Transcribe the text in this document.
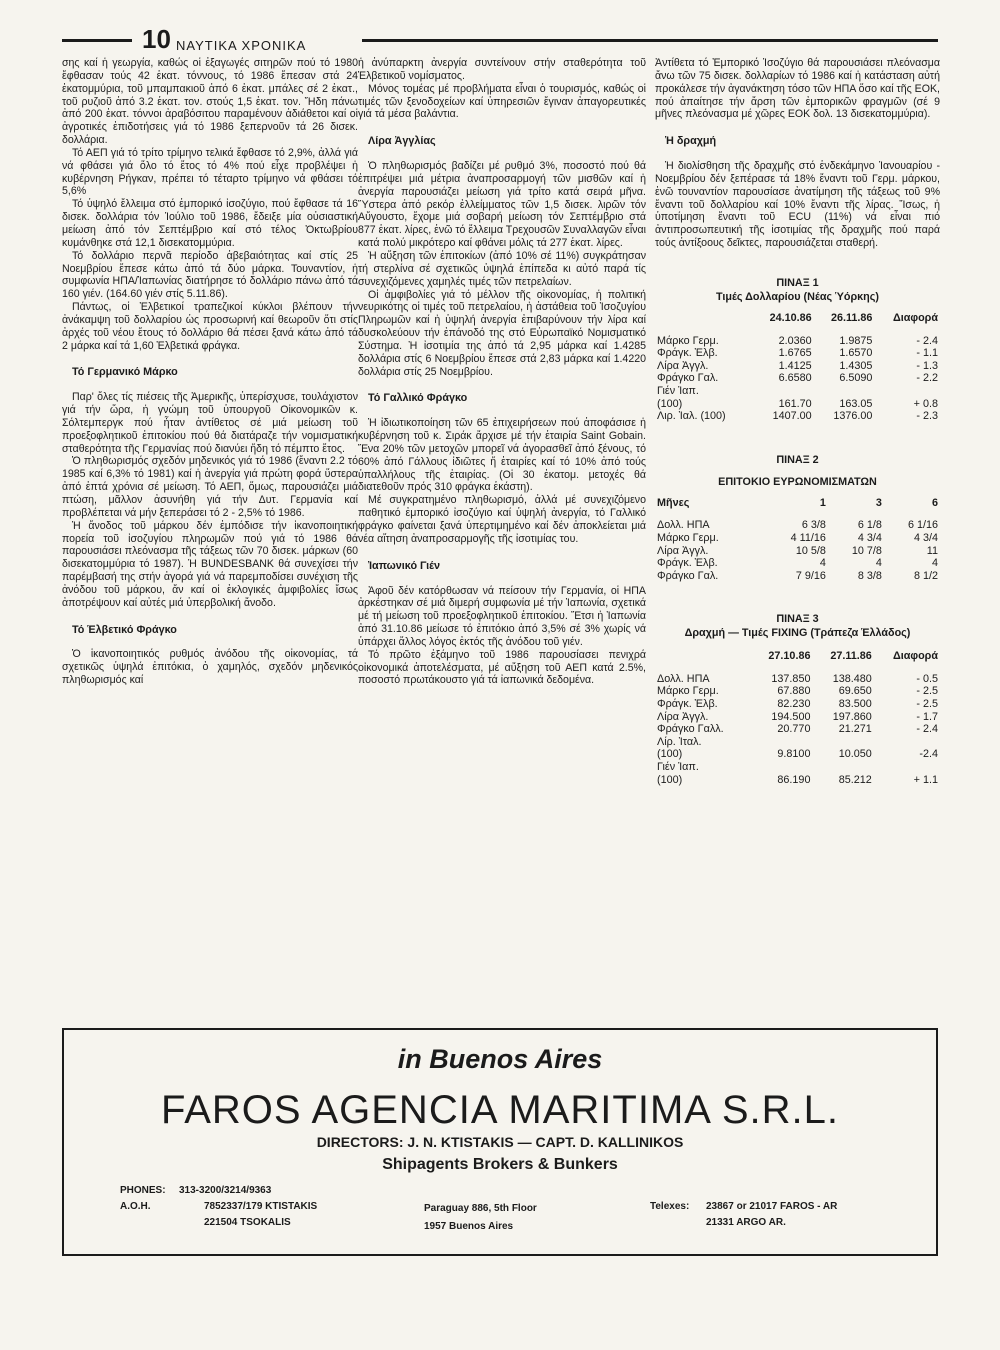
10 ΝΑΥΤΙΚΑ ΧΡΟΝΙΚΑ

σης καί ἡ γεωργία, καθώς οἱ ἐξαγωγές σιτηρῶν πού τό 1980 ἔφθασαν τούς 42 ἑκατ. τόννους, τό 1986 ἔπεσαν στά 24 ἑκατομμύρια, τοῦ μπαμπακιοῦ ἀπό 6 ἑκατ. μπάλες σέ 2 ἑκατ., τοῦ ρυζιοῦ ἀπό 3.2 ἑκατ. τον. στούς 1,5 ἑκατ. τον. Ἤδη πάνω ἀπό 200 ἑκατ. τόννοι ἀραβόσιτου παραμένουν ἀδιάθετοι καί οἱ ἀγροτικές ἐπιδοτήσεις γιά τό 1986 ξεπερνοῦν τά 26 δισεκ. δολλάρια.

Τό ΑΕΠ γιά τό τρίτο τρίμηνο τελικά ἔφθασε τό 2,9%, ἀλλά γιά νά φθάσει γιά ὅλο τό ἔτος τό 4% πού εἶχε προβλέψει ἡ κυβέρνηση Ρήγκαν, πρέπει τό τέταρτο τρίμηνο νά φθάσει τό 5,6%

Τό ὑψηλό ἔλλειμα στό ἐμπορικό ἰσοζύγιο, πού ἔφθασε τά 16 δισεκ. δολλάρια τόν Ἰούλιο τοῦ 1986, ἔδειξε μία οὐσιαστική μείωση ἀπό τόν Σεπτέμβριο καί στό τέλος Ὀκτωβρίου κυμάνθηκε στά 12,1 δισεκατομμύρια.

Τό δολλάριο περνᾶ περίοδο ἀβεβαιότητας καί στίς 25 Νοεμβρίου ἔπεσε κάτω ἀπό τά δύο μάρκα. Τουναντίον, ἡ συμφωνία ΗΠΑ/Ἰαπωνίας διατήρησε τό δολλάριο πάνω ἀπό τά 160 γιέν. (164.60 γιέν στίς 5.11.86).

Πάντως, οἱ Ἑλβετικοί τραπεζικοί κύκλοι βλέπουν τήν ἀνάκαμψη τοῦ δολλαρίου ὡς προσωρινή καί θεωροῦν ὅτι στίς ἀρχές τοῦ νέου ἔτους τό δολλάριο θά πέσει ξανά κάτω ἀπό τά 2 μάρκα καί τά 1,60 Ἑλβετικά φράγκα.

Τό Γερμανικό Μάρκο

Παρ' ὅλες τίς πιέσεις τῆς Ἀμερικῆς, ὑπερίσχυσε, τουλάχιστον γιά τήν ὥρα, ἡ γνώμη τοῦ ὑπουργοῦ Οἰκονομικῶν κ. Σόλτεμπεργκ πού ἦταν ἀντίθετος σέ μιά μείωση τοῦ προεξοφλητικοῦ ἐπιτοκίου πού θά διατάραζε τήν νομισματική σταθερότητα τῆς Γερμανίας πού διανύει ἤδη τό πέμπτο ἔτος.

Ὁ πληθωρισμός σχεδόν μηδενικός γιά τό 1986 (ἔναντι 2.2 τό 1985 καί 6,3% τό 1981) καί ἡ ἀνεργία γιά πρώτη φορά ὕστερα ἀπό ἑπτά χρόνια σέ μείωση. Τό ΑΕΠ, ὅμως, παρουσιάζει μιά πτώση, μᾶλλον ἀσυνήθη γιά τήν Δυτ. Γερμανία καί προβλέπεται νά μήν ξεπεράσει τό 2 - 2,5% τό 1986.

Ἡ ἄνοδος τοῦ μάρκου δέν ἐμπόδισε τήν ἱκανοποιητική πορεία τοῦ ἰσοζυγίου πληρωμῶν πού γιά τό 1986 θά παρουσιάσει πλεόνασμα τῆς τάξεως τῶν 70 δισεκ. μάρκων (60 δισεκατομμύρια τό 1987). Ἡ BUNDESBANK θά συνεχίσει τήν παρέμβασή της στήν ἀγορά γιά νά παρεμποδίσει συνέχιση τῆς ἀνόδου τοῦ μάρκου, ἄν καί οἱ ἐκλογικές ἀμφιβολίες ἴσως ἀποτρέψουν καί αὐτές μιά ὑπερβολική ἄνοδο.

Τό Ἑλβετικό Φράγκο

Ὁ ἱκανοποιητικός ρυθμός ἀνόδου τῆς οἰκονομίας, τά σχετικῶς ὑψηλά ἐπιτόκια, ὁ χαμηλός, σχεδόν μηδενικός πληθωρισμός καί

ἡ ἀνύπαρκτη ἀνεργία συντείνουν στήν σταθερότητα τοῦ Ἑλβετικοῦ νομίσματος.

Μόνος τομέας μέ προβλήματα εἶναι ὁ τουρισμός, καθώς οἱ τιμές τῶν ξενοδοχείων καί ὑπηρεσιῶν ἔγιναν ἀπαγορευτικές γιά τά μέσα βαλάντια.

Λίρα Ἀγγλίας

Ὁ πληθωρισμός βαδίζει μέ ρυθμό 3%, ποσοστό πού θά ἐπιτρέψει μιά μέτρια ἀναπροσαρμογή τῶν μισθῶν καί ἡ ἀνεργία παρουσιάζει μείωση γιά τρίτο κατά σειρά μῆνα. Ὕστερα ἀπό ρεκόρ ἐλλείμματος τῶν 1,5 δισεκ. λιρῶν τόν Αὔγουστο, ἔχομε μιά σοβαρή μείωση τόν Σεπτέμβριο στά 877 ἑκατ. λίρες, ἐνῶ τό ἔλλειμα Τρεχουσῶν Συναλλαγῶν εἶναι κατά πολύ μικρότερο καί φθάνει μόλις τά 277 ἑκατ. λίρες.

Ἡ αὔξηση τῶν ἐπιτοκίων (ἀπό 10% σέ 11%) συγκράτησαν τή στερλίνα σέ σχετικῶς ὑψηλά ἐπίπεδα κι αὐτό παρά τίς συνεχιζόμενες χαμηλές τιμές τῶν πετρελαίων.

Οἱ ἀμφιβολίες γιά τό μέλλον τῆς οἰκονομίας, ἡ πολιτική νευρικότης οἱ τιμές τοῦ πετρελαίου, ἡ ἀστάθεια τοῦ Ἰσοζυγίου Πληρωμῶν καί ἡ ὑψηλή ἀνεργία ἐπιβαρύνουν τήν λίρα καί δυσκολεύουν τήν ἐπάνοδό της στό Εὐρωπαϊκό Νομισματικό Σύστημα. Ἡ ἰσοτιμία της ἀπό τά 2,95 μάρκα καί 1.4285 δολλάρια στίς 6 Νοεμβρίου ἔπεσε στά 2,83 μάρκα καί 1.4220 δολλάρια στίς 25 Νοεμβρίου.

Τό Γαλλικό Φράγκο

Ἡ ἰδιωτικοποίηση τῶν 65 ἐπιχειρήσεων πού ἀποφάσισε ἡ κυβέρνηση τοῦ κ. Σιράκ ἄρχισε μέ τήν ἑταιρία Saint Gobain. Ἕνα 20% τῶν μετοχῶν μπορεῖ νά ἀγορασθεῖ ἀπό ξένους, τό 60% ἀπό Γάλλους ἰδιῶτες ἤ ἑταιρίες καί τό 10% ἀπό τούς ὑπαλλήλους τῆς ἑταιρίας. (Οἱ 30 ἑκατομ. μετοχές θά διατεθοῦν πρός 310 φράγκα ἑκάστη).

Μέ συγκρατημένο πληθωρισμό, ἀλλά μέ συνεχιζόμενο παθητικό ἐμπορικό ἰσοζύγιο καί ὑψηλή ἀνεργία, τό Γαλλικό φράγκο φαίνεται ξανά ὑπερτιμημένο καί δέν ἀποκλείεται μιά νέα αἴτηση ἀναπροσαρμογῆς τῆς ἰσοτιμίας του.

Ἰαπωνικό Γιέν

Ἀφοῦ δέν κατόρθωσαν νά πείσουν τήν Γερμανία, οἱ ΗΠΑ ἀρκέστηκαν σέ μιά διμερή συμφωνία μέ τήν Ἰαπωνία, σχετικά μέ τή μείωση τοῦ προεξοφλητικοῦ ἐπιτοκίου. Ἔτσι ἡ Ἰαπωνία ἀπό 31.10.86 μείωσε τό ἐπιτόκιο ἀπό 3,5% σέ 3% χωρίς νά ὑπάρχει ἄλλος λόγος ἐκτός τῆς ἀνόδου τοῦ γιέν.

Τό πρῶτο ἑξάμηνο τοῦ 1986 παρουσίασει πενιχρά οἰκονομικά ἀποτελέσματα, μέ αὔξηση τοῦ ΑΕΠ κατά 2.5%, ποσοστό πρωτάκουστο γιά τά ἰαπωνικά δεδομένα.

Ἀντίθετα τό Ἐμπορικό Ἰσοζύγιο θά παρουσιάσει πλεόνασμα ἄνω τῶν 75 δισεκ. δολλαρίων τό 1986 καί ἡ κατάσταση αὐτή προκάλεσε τήν ἀγανάκτηση τόσο τῶν ΗΠΑ ὅσο καί τῆς ΕΟΚ, πού ἀπαίτησε τήν ἄρση τῶν ἐμπορικῶν φραγμῶν (σέ 9 μῆνες πλεόνασμα μέ χῶρες ΕΟΚ δολ. 13 δισεκατομμύρια).

Ἡ δραχμή

Ἡ διολίσθηση τῆς δραχμῆς στό ἑνδεκάμηνο Ἰανουαρίου - Νοεμβρίου δέν ξεπέρασε τά 18% ἔναντι τοῦ Γερμ. μάρκου, ἐνῶ τουναντίον παρουσίασε ἀνατίμηση τῆς τάξεως τοῦ 9% ἔναντι τοῦ δολλαρίου καί 10% ἔναντι τῆς λίρας. Ἴσως, ἡ ὑποτίμηση ἔναντι τοῦ ECU (11%) νά εἶναι πιό ἀντιπροσωπευτική τῆς ἰσοτιμίας τῆς δραχμῆς πού παρά τούς ἀντίξοους δεῖκτες, παρουσιάζεται σταθερή.

ΠΙΝΑΞ 1
Τιμές Δολλαρίου (Νέας Ὑόρκης)
	24.10.86	26.11.86	Διαφορά

Μάρκο Γερμ.	2.0360	1.9875	- 2.4
Φράγκ. Ἑλβ.	1.6765	1.6570	- 1.1
Λίρα Ἀγγλ.	1.4125	1.4305	- 1.3
Φράγκο Γαλ.	6.6580	6.5090	- 2.2
Γιέν Ἰαπ.			
(100)	161.70	163.05	+ 0.8
Λιρ. Ἰαλ. (100)	1407.00	1376.00	- 2.3
ΠΙΝΑΞ 2
ΕΠΙΤΟΚΙΟ ΕΥΡΩΝΟΜΙΣΜΑΤΩΝ
Μῆνες	1	3	6

Δολλ. ΗΠΑ	6 3/8	6 1/8	6 1/16
Μάρκο Γερμ.	4 11/16	4 3/4	4 3/4
Λίρα Ἀγγλ.	10 5/8	10 7/8	11
Φράγκ. Ἑλβ.	4	4	4
Φράγκο Γαλ.	7 9/16	8 3/8	8 1/2
ΠΙΝΑΞ 3
Δραχμή — Τιμές FIXING (Τράπεζα Ἑλλάδος)
	27.10.86	27.11.86	Διαφορά

Δολλ. ΗΠΑ	137.850	138.480	- 0.5
Μάρκο Γερμ.	67.880	69.650	- 2.5
Φράγκ. Ἑλβ.	82.230	83.500	- 2.5
Λίρα Ἀγγλ.	194.500	197.860	- 1.7
Φράγκο Γαλλ.	20.770	21.271	- 2.4
Λίρ. Ἰταλ.			
(100)	9.8100	10.050	-2.4
Γιέν Ἰαπ.			
(100)	86.190	85.212	+ 1.1
in Buenos Aires
FAROS AGENCIA MARITIMA S.R.L.
DIRECTORS: J. N. KTISTAKIS — CAPT. D. KALLINIKOS
Shipagents Brokers & Bunkers
PHONES: 313-3200/3214/9363
A.O.H.	7852337/179 KTISTAKIS
221504 TSOKALIS
Paraguay 886, 5th Floor
1957 Buenos Aires
Telexes: 23867 or 21017 FAROS - AR
21331 ARGO AR.
